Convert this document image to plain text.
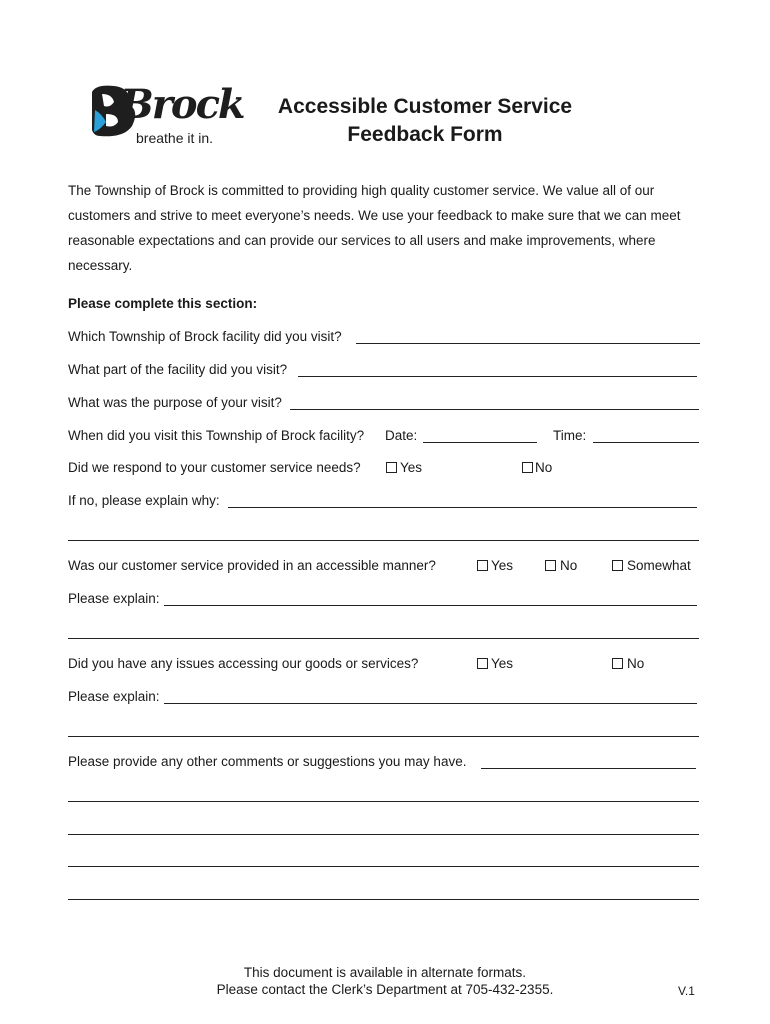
Brock
breathe it in.
Accessible Customer Service
Feedback Form
The Township of Brock is committed to providing high quality customer service. We value all of our customers and strive to meet everyone’s needs. We use your feedback to make sure that we can meet reasonable expectations and can provide our services to all users and make improvements, where necessary.
Please complete this section:
Which Township of Brock facility did you visit?
What part of the facility did you visit?
What was the purpose of your visit?
When did you visit this Township of Brock facility? Date:	Time:
Did we respond to your customer service needs?	Yes	No
If no, please explain why:
Was our customer service provided in an accessible manner?	Yes	No	Somewhat
Please explain:
Did you have any issues accessing our goods or services?	Yes	No
Please explain:
Please provide any other comments or suggestions you may have.
This document is available in alternate formats.
Please contact the Clerk’s Department at 705-432-2355.	V.1
